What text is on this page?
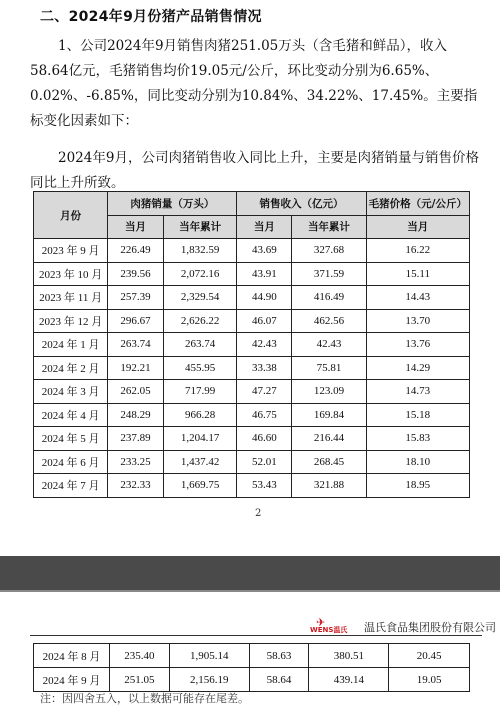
二、2024年9月份猪产品销售情况
1、公司2024年9月销售肉猪251.05万头（含毛猪和鲜品），收入58.64亿元，毛猪销售均价19.05元/公斤，环比变动分别为6.65%、0.02%、-6.85%，同比变动分别为10.84%、34.22%、17.45%。主要指标变化因素如下：
2024年9月，公司肉猪销售收入同比上升，主要是肉猪销量与销售价格同比上升所致。
月份	肉猪销量（万头）		销售收入（亿元）		毛猪价格（元/公斤）
	当月	当年累计	当月	当年累计	当月
2023 年 9 月	226.49	1,832.59	43.69	327.68	16.22
2023 年 10 月	239.56	2,072.16	43.91	371.59	15.11
2023 年 11 月	257.39	2,329.54	44.90	416.49	14.43
2023 年 12 月	296.67	2,626.22	46.07	462.56	13.70
2024 年 1 月	263.74	263.74	42.43	42.43	13.76
2024 年 2 月	192.21	455.95	33.38	75.81	14.29
2024 年 3 月	262.05	717.99	47.27	123.09	14.73
2024 年 4 月	248.29	966.28	46.75	169.84	15.18
2024 年 5 月	237.89	1,204.17	46.60	216.44	15.83
2024 年 6 月	233.25	1,437.42	52.01	268.45	18.10
2024 年 7 月	232.33	1,669.75	53.43	321.88	18.95
2
✈
WENS温氏 温氏食品集团股份有限公司
2024 年 8 月	235.40	1,905.14	58.63	380.51	20.45
2024 年 9 月	251.05	2,156.19	58.64	439.14	19.05
注：因四舍五入，以上数据可能存在尾差。
